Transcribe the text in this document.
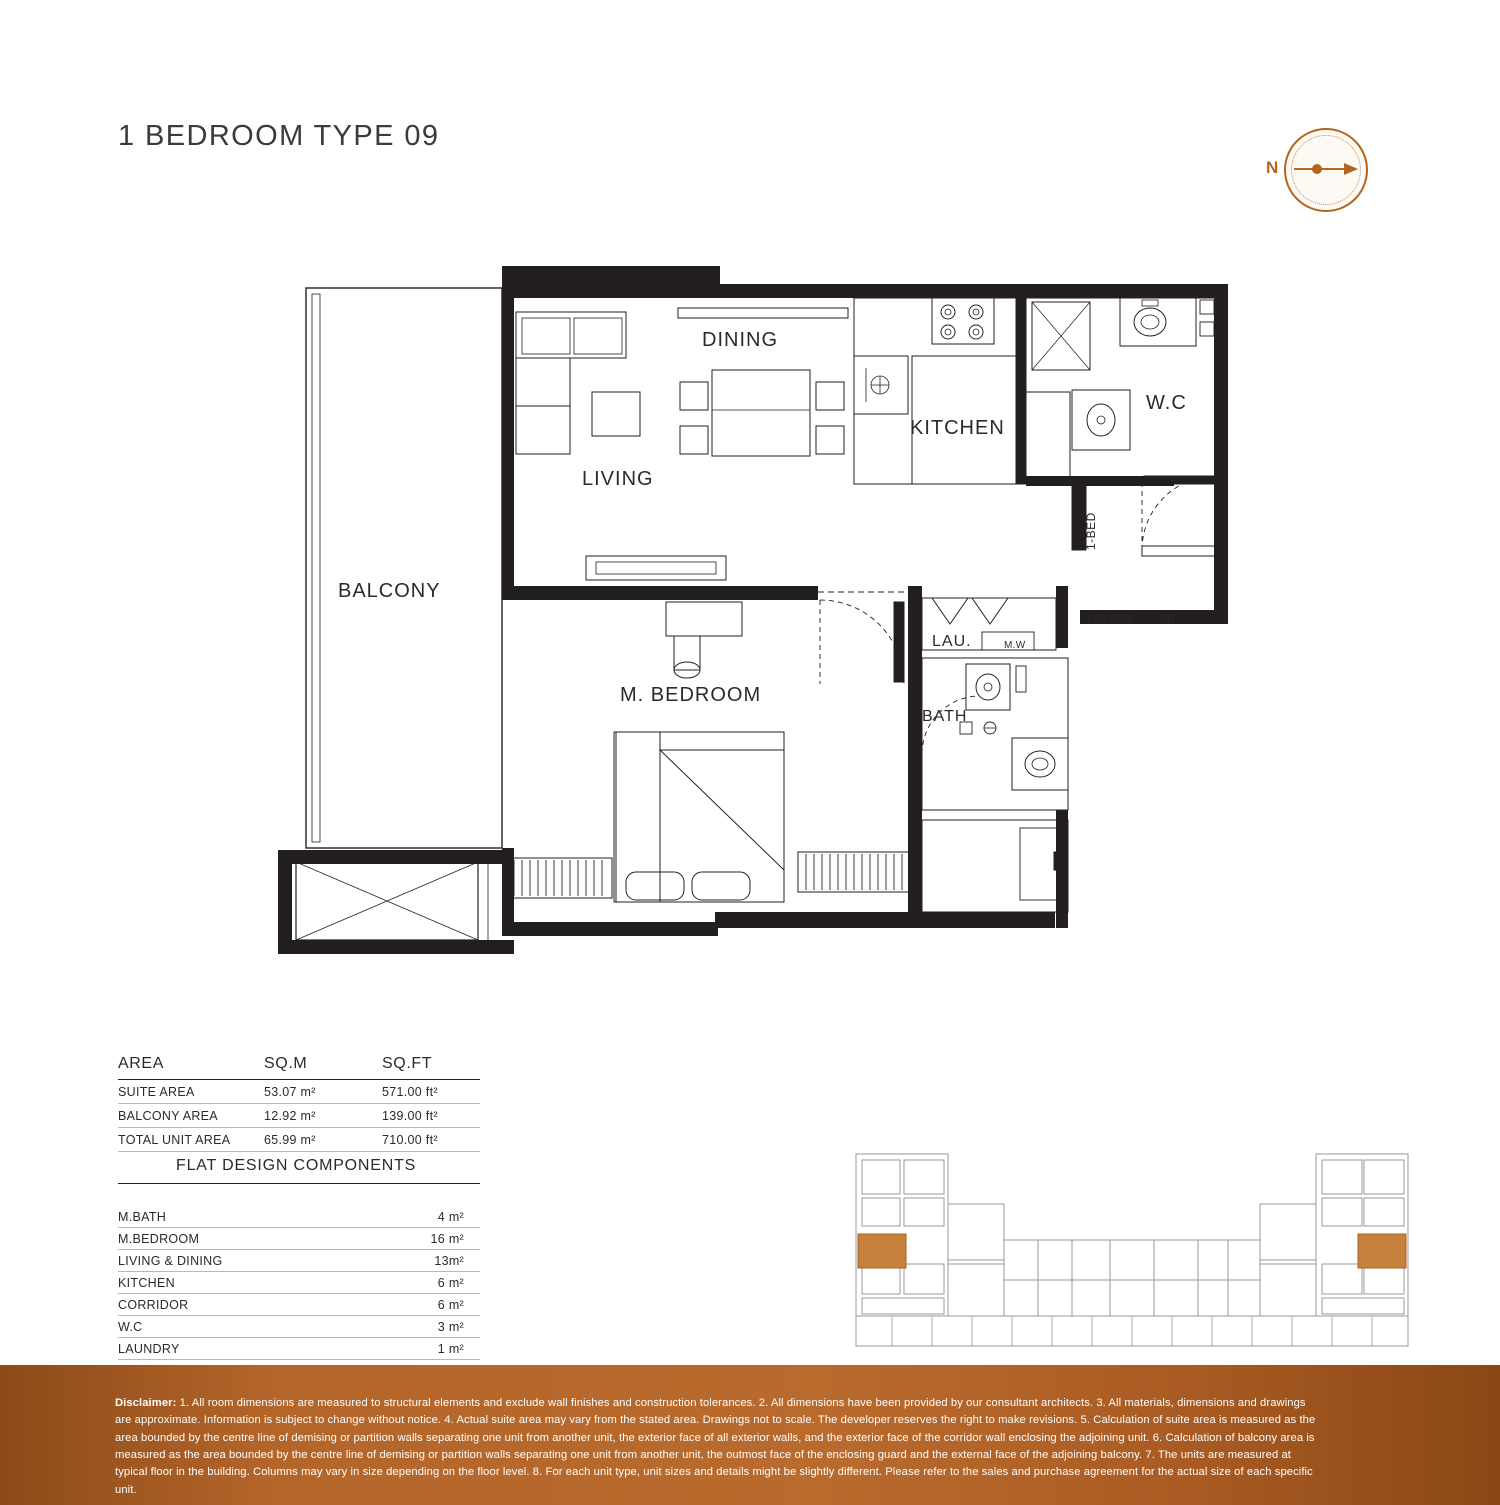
1 BEDROOM TYPE 09
N
BALCONY
LIVING
DINING
KITCHEN
W.C
M. BEDROOM
LAU.	M.W
BATH
1-BED
LET BOX	BD
AREA	SQ.M	SQ.FT
SUITE AREA	53.07 m²	571.00 ft²
BALCONY AREA	12.92 m²	139.00 ft²
TOTAL UNIT AREA	65.99 m²	710.00 ft²
FLAT DESIGN COMPONENTS
M.BATH	4 m²
M.BEDROOM	16 m²
LIVING & DINING	13m²
KITCHEN	6 m²
CORRIDOR	6 m²
W.C	3 m²
LAUNDRY	1 m²
Disclaimer: 1. All room dimensions are measured to structural elements and exclude wall finishes and construction tolerances. 2. All dimensions have been provided by our consultant architects. 3. All materials, dimensions and drawings are approximate. Information is subject to change without notice. 4. Actual suite area may vary from the stated area. Drawings not to scale. The developer reserves the right to make revisions. 5. Calculation of suite area is measured as the area bounded by the centre line of demising or partition walls separating one unit from another unit, the exterior face of all exterior walls, and the exterior face of the corridor wall enclosing the adjoining unit. 6. Calculation of balcony area is measured as the area bounded by the centre line of demising or partition walls separating one unit from another unit, the outmost face of the enclosing guard and the external face of the adjoining balcony. 7. The units are measured at typical floor in the building. Columns may vary in size depending on the floor level. 8. For each unit type, unit sizes and details might be slightly different. Please refer to the sales and purchase agreement for the actual size of each specific unit.
